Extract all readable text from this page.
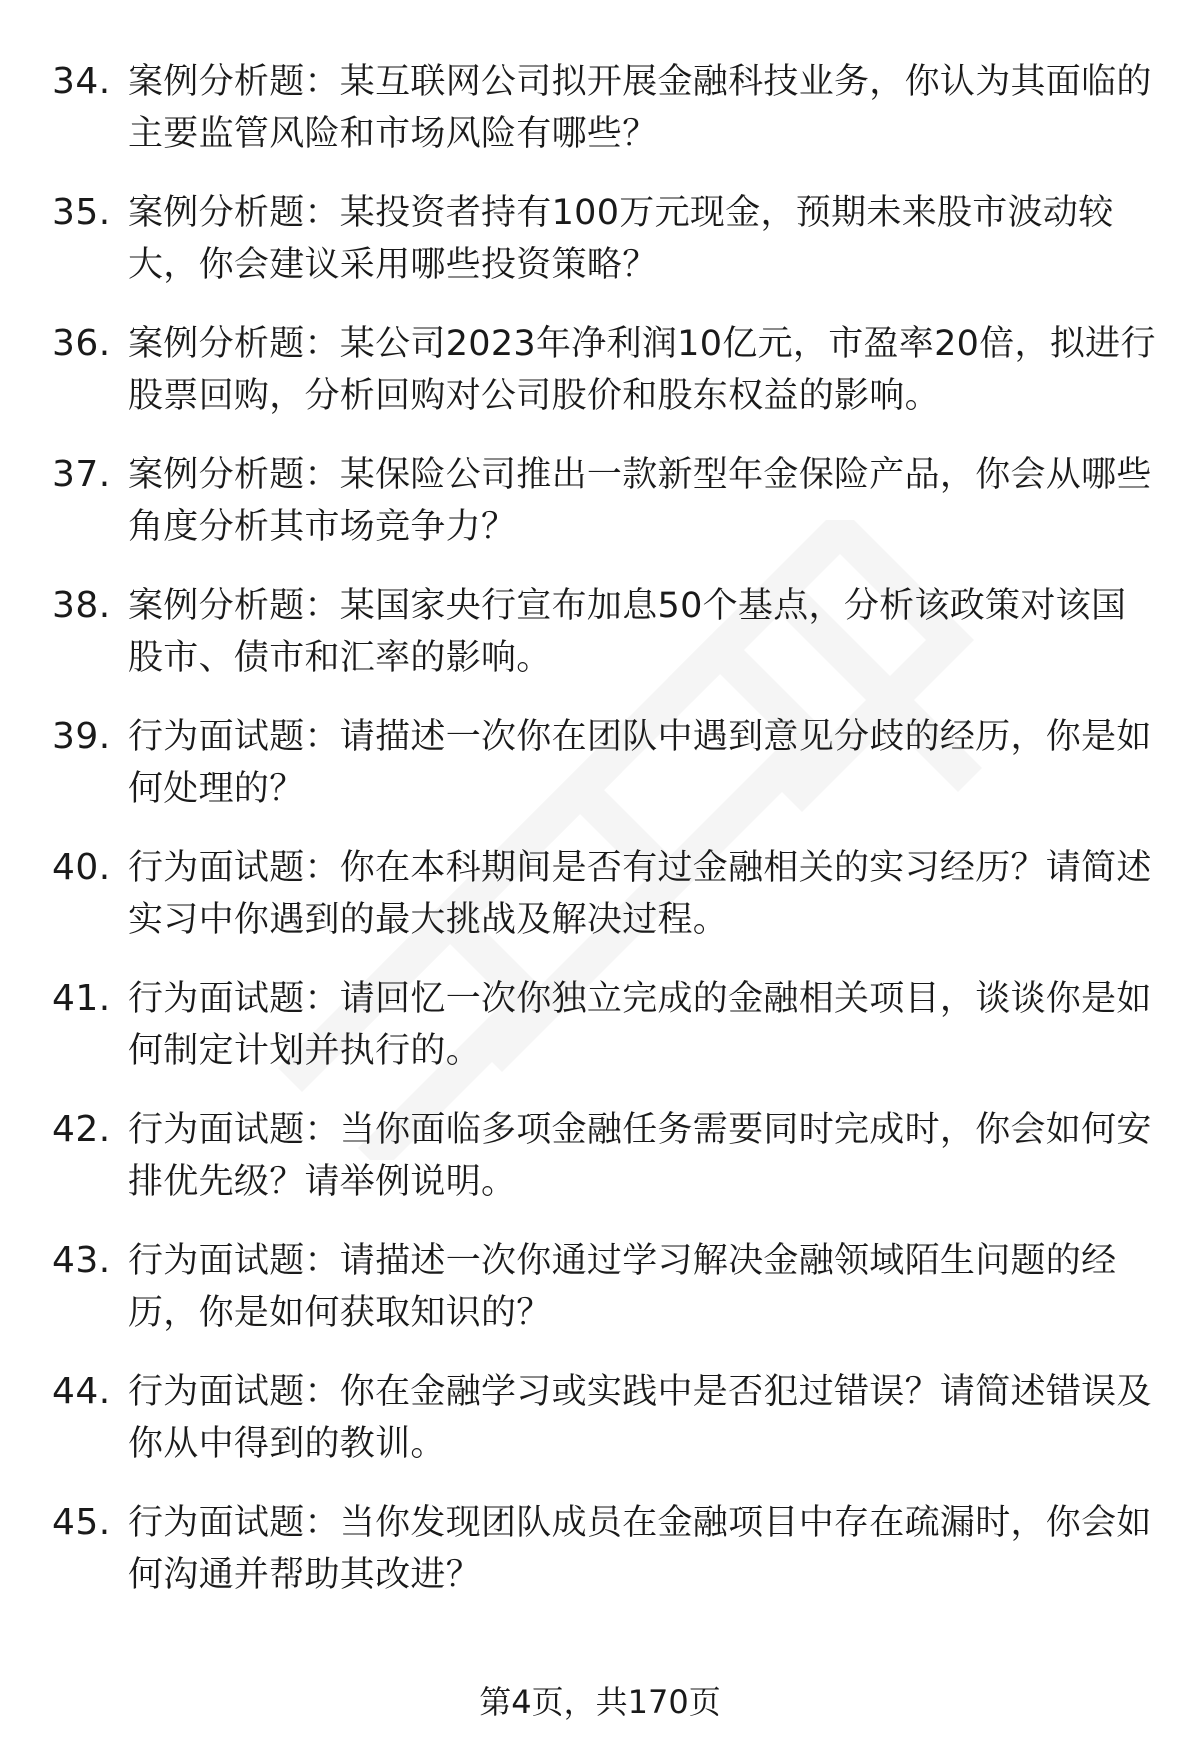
34. 案例分析题：某互联网公司拟开展金融科技业务，你认为其面临的主要监管风险和市场风险有哪些？
35. 案例分析题：某投资者持有100万元现金，预期未来股市波动较大，你会建议采用哪些投资策略？
36. 案例分析题：某公司2023年净利润10亿元，市盈率20倍，拟进行股票回购，分析回购对公司股价和股东权益的影响。
37. 案例分析题：某保险公司推出一款新型年金保险产品，你会从哪些角度分析其市场竞争力？
38. 案例分析题：某国家央行宣布加息50个基点，分析该政策对该国股市、债市和汇率的影响。
39. 行为面试题：请描述一次你在团队中遇到意见分歧的经历，你是如何处理的？
40. 行为面试题：你在本科期间是否有过金融相关的实习经历？请简述实习中你遇到的最大挑战及解决过程。
41. 行为面试题：请回忆一次你独立完成的金融相关项目，谈谈你是如何制定计划并执行的。
42. 行为面试题：当你面临多项金融任务需要同时完成时，你会如何安排优先级？请举例说明。
43. 行为面试题：请描述一次你通过学习解决金融领域陌生问题的经历，你是如何获取知识的？
44. 行为面试题：你在金融学习或实践中是否犯过错误？请简述错误及你从中得到的教训。
45. 行为面试题：当你发现团队成员在金融项目中存在疏漏时，你会如何沟通并帮助其改进？
第4页，共170页
